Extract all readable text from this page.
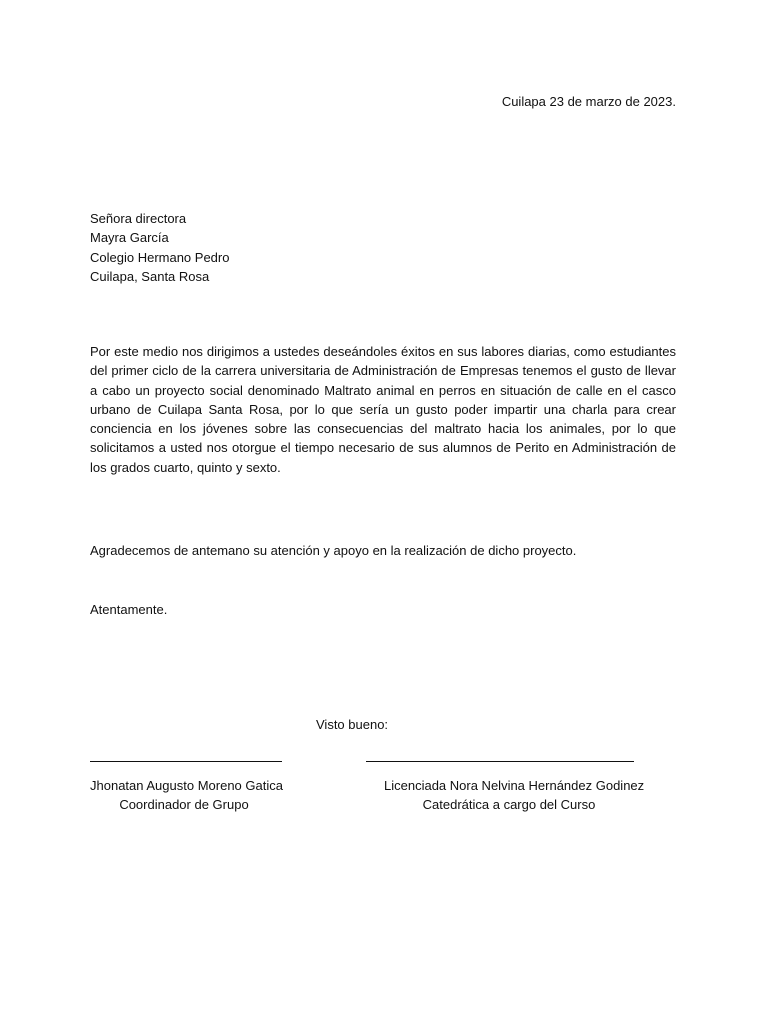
Cuilapa 23 de marzo de 2023.
Señora directora
Mayra García
Colegio Hermano Pedro
Cuilapa, Santa Rosa
Por este medio nos dirigimos a ustedes deseándoles éxitos en sus labores diarias, como estudiantes del primer ciclo de la carrera universitaria de Administración de Empresas tenemos el gusto de llevar a cabo un proyecto social denominado Maltrato animal en perros en situación de calle en el casco urbano de Cuilapa Santa Rosa, por lo que sería un gusto poder impartir una charla para crear conciencia en los jóvenes sobre las consecuencias del maltrato hacia los animales, por lo que solicitamos a usted nos otorgue el tiempo necesario de sus alumnos de Perito en Administración de los grados cuarto, quinto y sexto.
Agradecemos de antemano su atención y apoyo en la realización de dicho proyecto.
Atentamente.
Visto bueno:
Jhonatan Augusto Moreno Gatica
Coordinador de Grupo
Licenciada Nora Nelvina Hernández Godinez
Catedrática a cargo del Curso
